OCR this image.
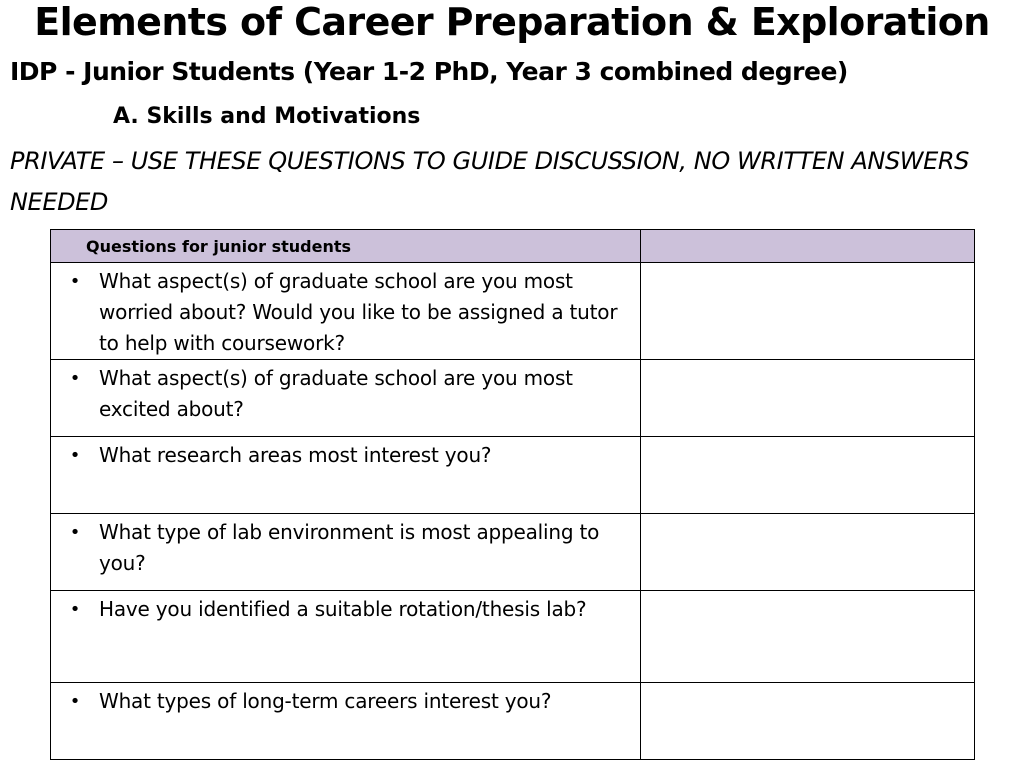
Elements of Career Preparation & Exploration
IDP - Junior Students (Year 1-2 PhD, Year 3 combined degree)
A. Skills and Motivations
PRIVATE – USE THESE QUESTIONS TO GUIDE DISCUSSION, NO WRITTEN ANSWERS NEEDED
Questions for junior students	

• What aspect(s) of graduate school are you most worried about? Would you like to be assigned a tutor to help with coursework?	

• What aspect(s) of graduate school are you most excited about?	

• What research areas most interest you?	

• What type of lab environment is most appealing to you?	

• Have you identified a suitable rotation/thesis lab?	

• What types of long-term careers interest you?	
